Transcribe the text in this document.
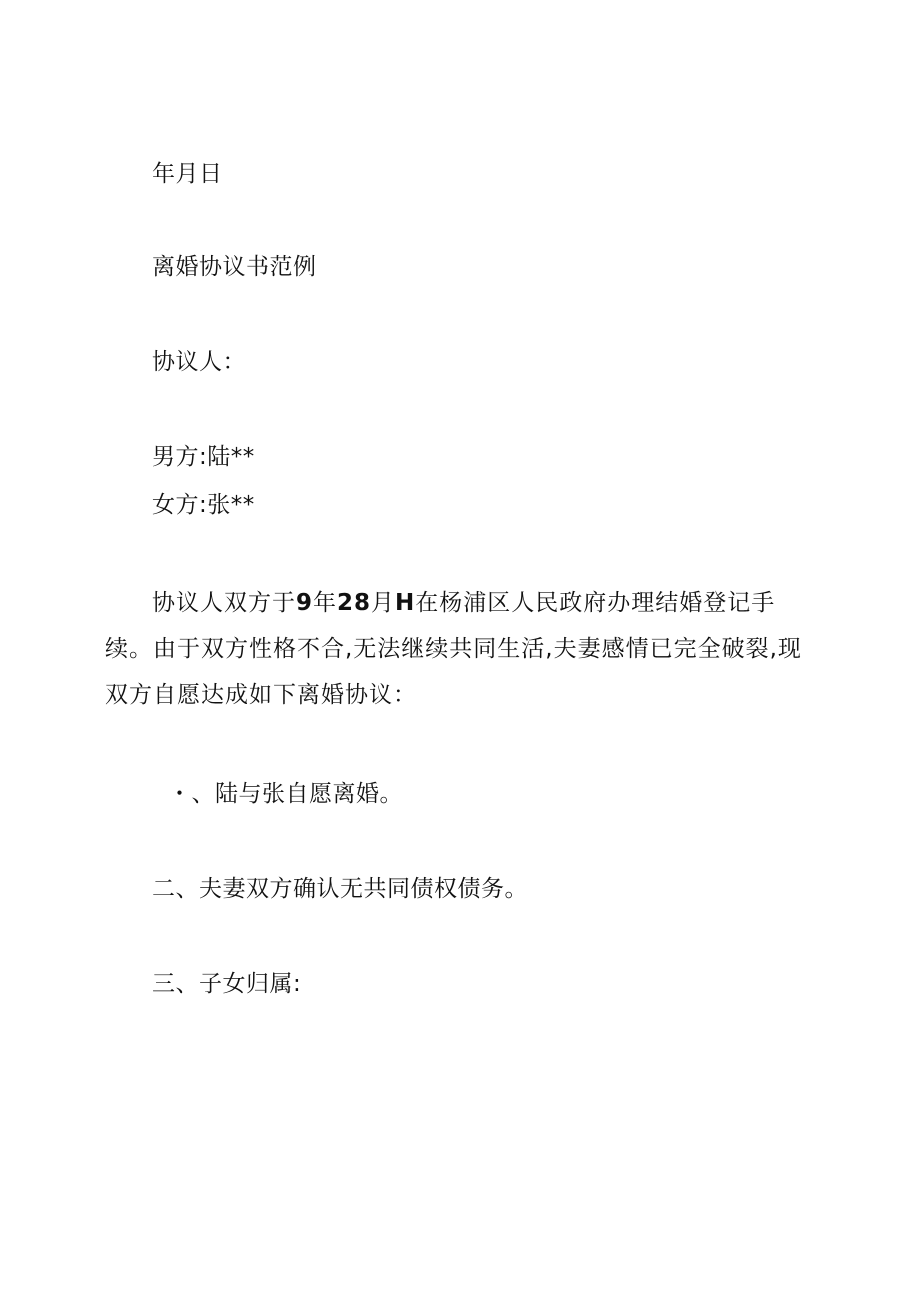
年月日
离婚协议书范例
协议人：
男方:陆**
女方:张**
协议人双方于9年28月H在杨浦区人民政府办理结婚登记手续。由于双方性格不合,无法继续共同生活,夫妻感情已完全破裂,现双方自愿达成如下离婚协议：
・、陆与张自愿离婚。
二、夫妻双方确认无共同债权债务。
三、子女归属:
